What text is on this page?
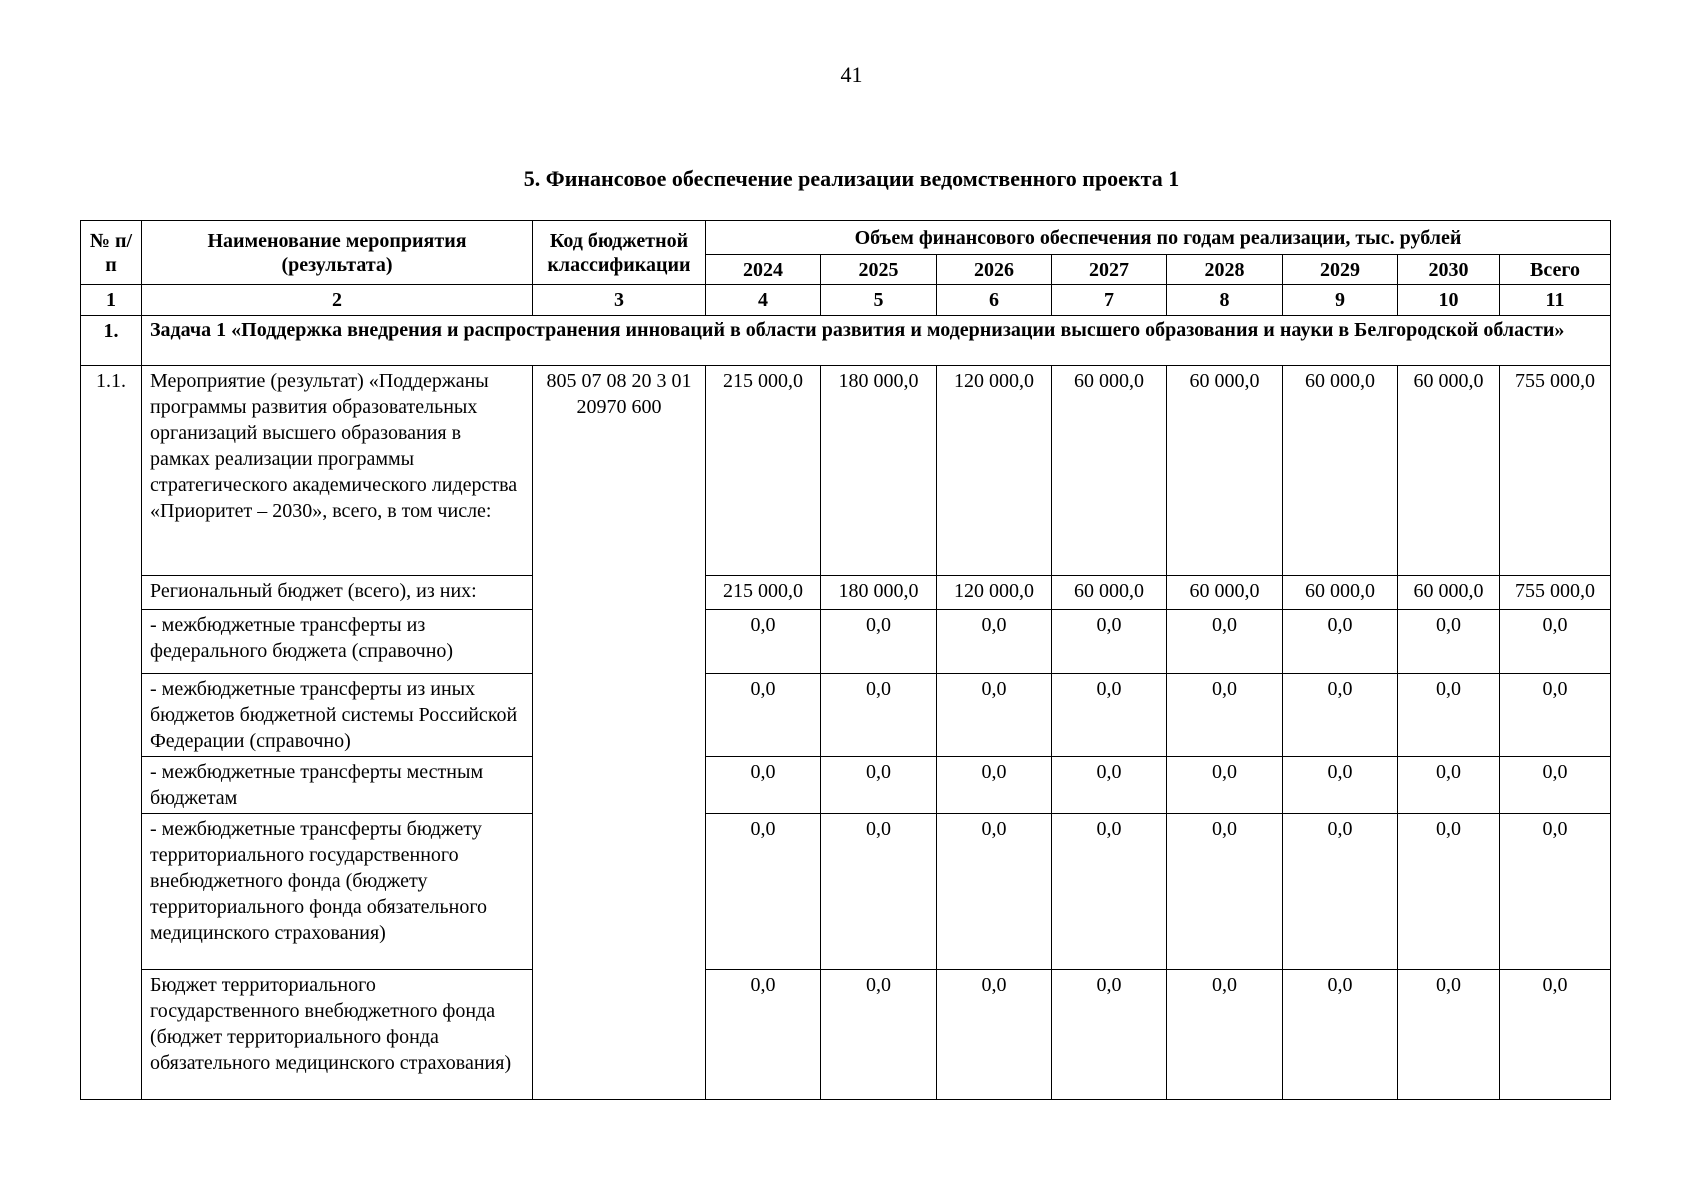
41
5. Финансовое обеспечение реализации ведомственного проекта 1
№ п/п	Наименование мероприятия (результата)	Код бюджетной классификации	Объем финансового обеспечения по годам реализации, тыс. рублей							
			2024	2025	2026	2027	2028	2029	2030	Всего
1	2	3	4	5	6	7	8	9	10	11
1.	Задача 1 «Поддержка внедрения и распространения инноваций в области развития и модернизации высшего образования и науки в Белгородской области»									
1.1.	Мероприятие (результат) «Поддержаны программы развития образовательных организаций высшего образования в рамках реализации программы стратегического академического лидерства «Приоритет – 2030», всего, в том числе:	805 07 08 20 3 01 20970 600	215 000,0	180 000,0	120 000,0	60 000,0	60 000,0	60 000,0	60 000,0	755 000,0
	Региональный бюджет (всего), из них:		215 000,0	180 000,0	120 000,0	60 000,0	60 000,0	60 000,0	60 000,0	755 000,0
	- межбюджетные трансферты из федерального бюджета (справочно)		0,0	0,0	0,0	0,0	0,0	0,0	0,0	0,0
	- межбюджетные трансферты из иных бюджетов бюджетной системы Российской Федерации (справочно)		0,0	0,0	0,0	0,0	0,0	0,0	0,0	0,0
	- межбюджетные трансферты местным бюджетам		0,0	0,0	0,0	0,0	0,0	0,0	0,0	0,0
	- межбюджетные трансферты бюджету территориального государственного внебюджетного фонда (бюджету территориального фонда обязательного медицинского страхования)		0,0	0,0	0,0	0,0	0,0	0,0	0,0	0,0
	Бюджет территориального государственного внебюджетного фонда (бюджет территориального фонда обязательного медицинского страхования)		0,0	0,0	0,0	0,0	0,0	0,0	0,0	0,0
